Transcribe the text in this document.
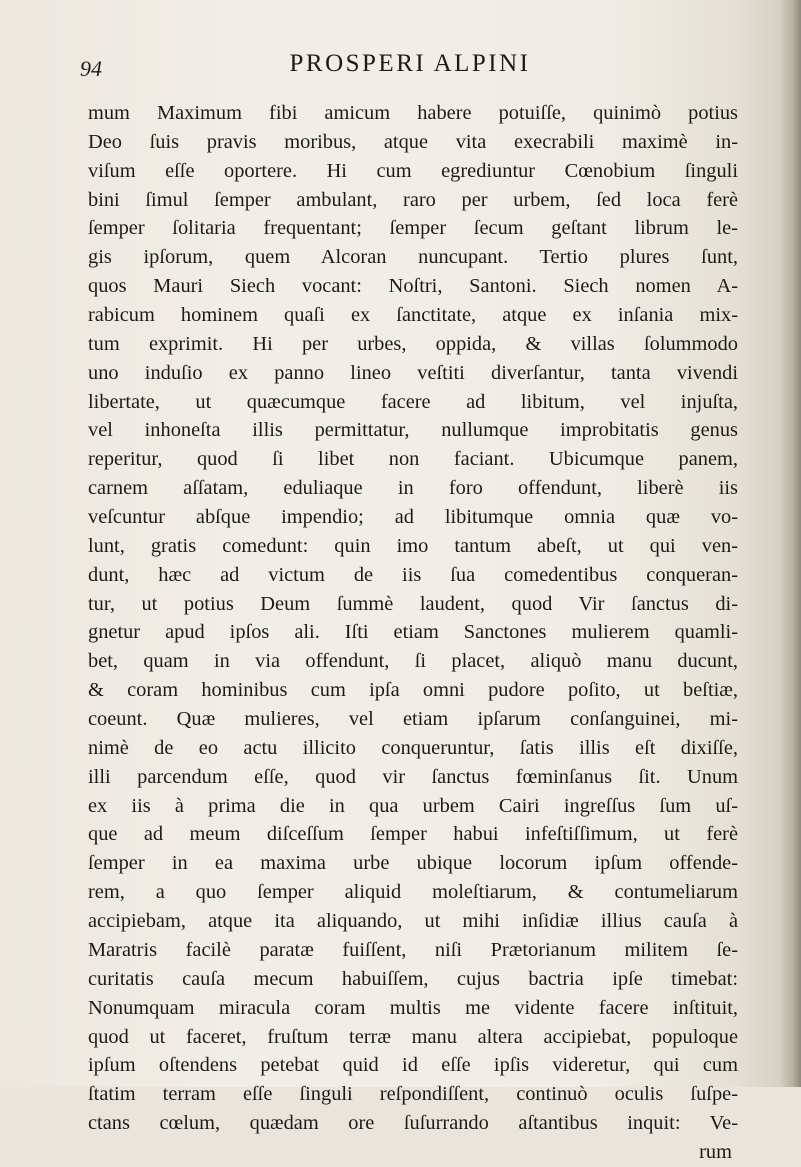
94	PROSPERI ALPINI
mum Maximum fibi amicum habere potuiſſe, quinimò potius
Deo ſuis pravis moribus, atque vita execrabili maximè in-
viſum eſſe oportere. Hi cum egrediuntur Cœnobium ſinguli
bini ſimul ſemper ambulant, raro per urbem, ſed loca ferè
ſemper ſolitaria frequentant; ſemper ſecum geſtant librum le-
gis ipſorum, quem Alcoran nuncupant. Tertio plures ſunt,
quos Mauri Siech vocant: Noſtri, Santoni. Siech nomen A-
rabicum hominem quaſi ex ſanctitate, atque ex inſania mix-
tum exprimit. Hi per urbes, oppida, & villas ſolummodo
uno induſio ex panno lineo veſtiti diverſantur, tanta vivendi
libertate, ut quæcumque facere ad libitum, vel injuſta,
vel inhoneſta illis permittatur, nullumque improbitatis genus
reperitur, quod ſi libet non faciant. Ubicumque panem,
carnem aſſatam, eduliaque in foro offendunt, liberè iis
veſcuntur abſque impendio; ad libitumque omnia quæ vo-
lunt, gratis comedunt: quin imo tantum abeſt, ut qui ven-
dunt, hæc ad victum de iis ſua comedentibus conqueran-
tur, ut potius Deum ſummè laudent, quod Vir ſanctus di-
gnetur apud ipſos ali. Iſti etiam Sanctones mulierem quamli-
bet, quam in via offendunt, ſi placet, aliquò manu ducunt,
& coram hominibus cum ipſa omni pudore poſito, ut beſtiæ,
coeunt. Quæ mulieres, vel etiam ipſarum conſanguinei, mi-
nimè de eo actu illicito conqueruntur, ſatis illis eſt dixiſſe,
illi parcendum eſſe, quod vir ſanctus fœminſanus ſit. Unum
ex iis à prima die in qua urbem Cairi ingreſſus ſum uſ-
que ad meum diſceſſum ſemper habui infeſtiſſimum, ut ferè
ſemper in ea maxima urbe ubique locorum ipſum offende-
rem, a quo ſemper aliquid moleſtiarum, & contumeliarum
accipiebam, atque ita aliquando, ut mihi inſidiæ illius cauſa à
Maratris facilè paratæ fuiſſent, niſi Prætorianum militem ſe-
curitatis cauſa mecum habuiſſem, cujus bactria ipſe timebat:
Nonumquam miracula coram multis me vidente facere inſtituit,
quod ut faceret, fruſtum terræ manu altera accipiebat, populoque
ipſum oſtendens petebat quid id eſſe ipſis videretur, qui cum
ſtatim terram eſſe ſinguli reſpondiſſent, continuò oculis ſuſpe-
ctans cœlum, quædam ore ſuſurrando aſtantibus inquit: Ve-
rum
